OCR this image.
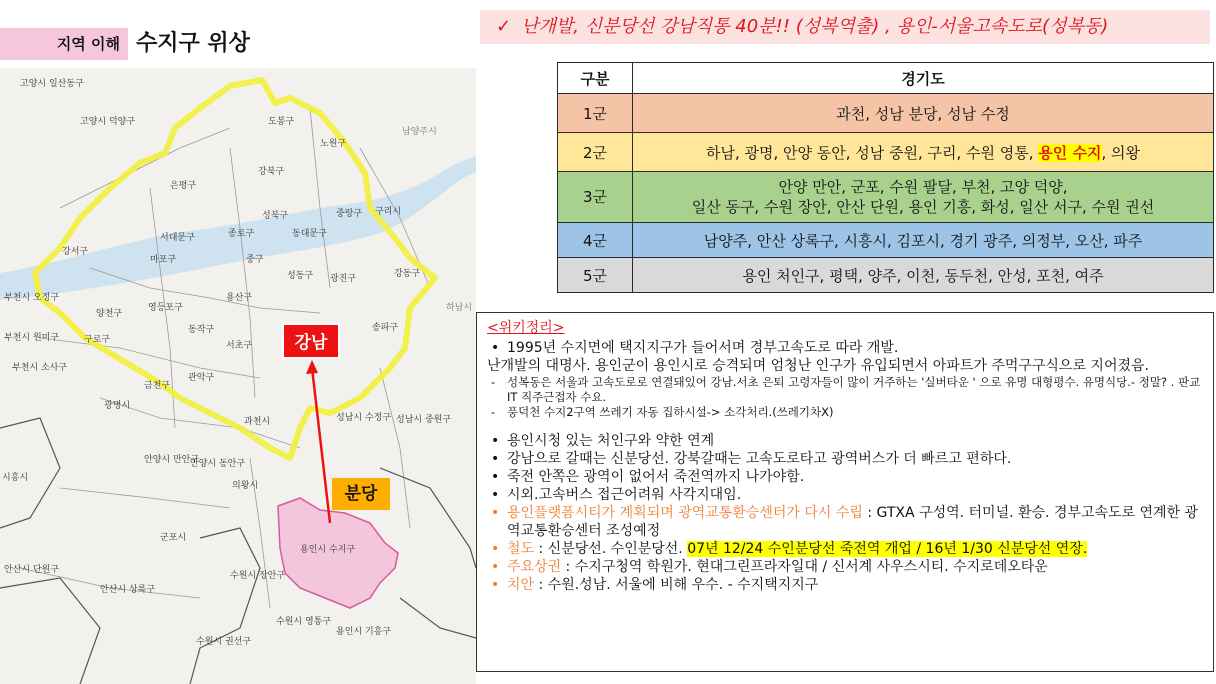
지역 이해 수지구 위상
✓ 난개발, 신분당선 강남직통 40분!! (성복역출) , 용인-서울고속도로(성복동)
고양시 일산동구
고양시 덕양구	도봉구
노원구
남양주시
강북구
은평구
성북구	중랑구 구리시
서대문구	종로구	동대문구
강서구
마포구	중구
성동구 광진구	강동구
부천시 오정구
양천구
영등포구
용산구
하남시
부천시 원미구	구로구
동작구
서초구
송파구
부천시 소사구
금천구
관악구
광명시
과천시	성남시 수정구 성남시 중원구
안양시 만안구
안양시 동안구
의왕시
용인시 수지구
시흥시
군포시
안산시 단원구
수원시 장안구
안산시 상록구
용인시 기흥구
수원시 권선구
수원시 영통구
강남
분당
구분	경기도
1군	과천, 성남 분당, 성남 수정
2군	하남, 광명, 안양 동안, 성남 중원, 구리, 수원 영통, 용인 수지, 의왕
3군	안양 만안, 군포, 수원 팔달, 부천, 고양 덕양,
일산 동구, 수원 장안, 안산 단원, 용인 기흥, 화성, 일산 서구, 수원 권선

4군	남양주, 안산 상록구, 시흥시, 김포시, 경기 광주, 의정부, 오산, 파주
5군	용인 처인구, 평택, 양주, 이천, 동두천, 안성, 포천, 여주
<위키정리>
• 1995년 수지면에 택지지구가 들어서며 경부고속도로 따라 개발.
난개발의 대명사. 용인군이 용인시로 승격되며 엄청난 인구가 유입되면서 아파트가 주먹구구식으로 지어졌음.
- 성복동은 서울과 고속도로로 연결돼있어 강남.서초 은퇴 고령자들이 많이 거주하는 '실버타운 ' 으로 유명 대형평수. 유명식당.- 정말? . 판교IT 직주근접자 수요.
- 풍덕천 수지2구역 쓰레기 자동 집하시설-> 소각처리.(쓰레기차X)
• 용인시청 있는 처인구와 약한 연계
• 강남으로 갈때는 신분당선. 강북갈때는 고속도로타고 광역버스가 더 빠르고 편하다.
• 죽전 안쪽은 광역이 없어서 죽전역까지 나가야함.
• 시외.고속버스 접근어려워 사각지대임.
• 용인플랫폼시티가 계획되며 광역교통환승센터가 다시 수립 : GTXA 구성역. 터미널. 환승. 경부고속도로 연계한 광역교통환승센터 조성예정
• 철도 : 신분당선. 수인분당선. 07년 12/24 수인분당선 죽전역 개업 / 16년 1/30 신분당선 연장.
• 주요상권 : 수지구청역 학원가. 현대그린프라자일대 / 신서계 사우스시티. 수지로데오타운
• 치안 : 수원.성남. 서울에 비해 우수. - 수지택지지구
